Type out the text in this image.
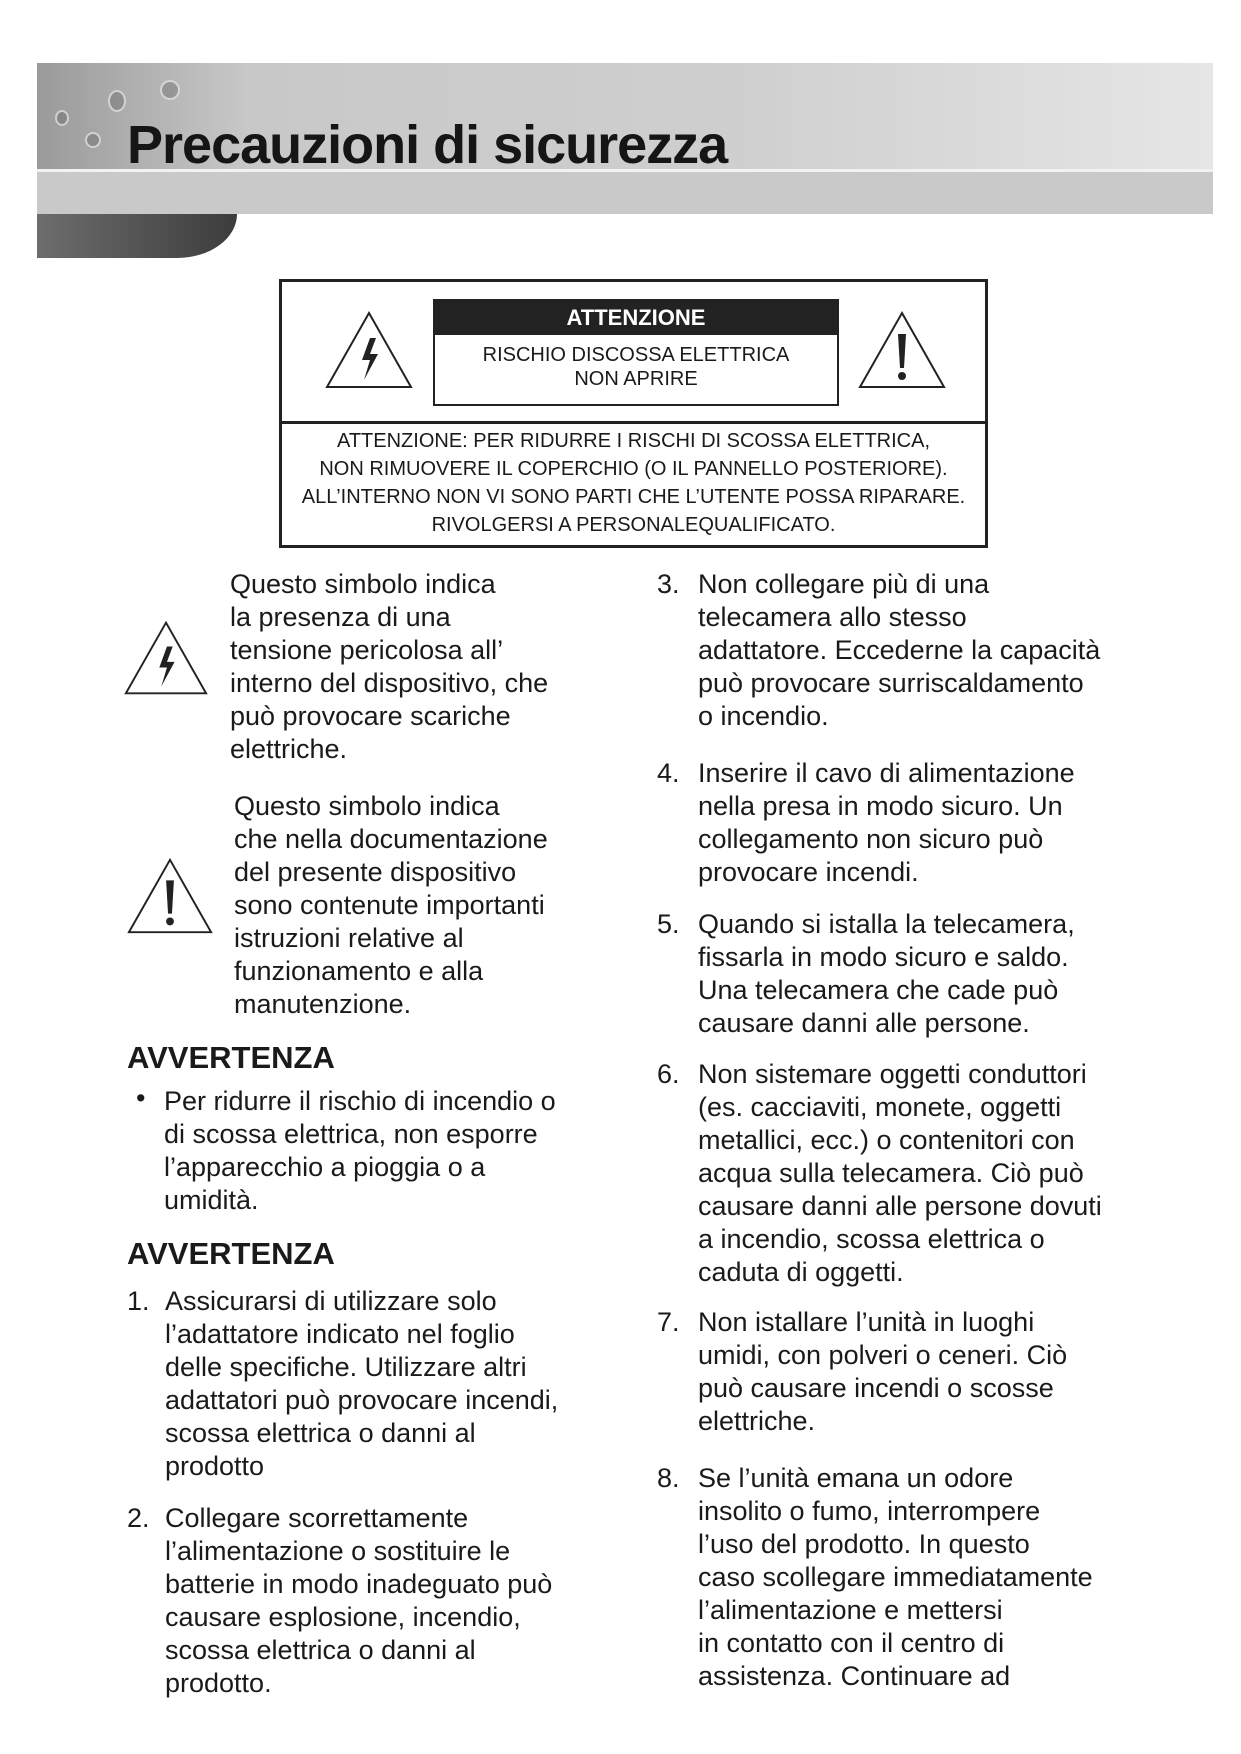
Precauzioni di sicurezza
ATTENZIONE
RISCHIO DISCOSSA ELETTRICA
NON APRIRE
ATTENZIONE: PER RIDURRE I RISCHI DI SCOSSA ELETTRICA,
NON RIMUOVERE IL COPERCHIO (O IL PANNELLO POSTERIORE).
ALL’INTERNO NON VI SONO PARTI CHE L’UTENTE POSSA RIPARARE.
RIVOLGERSI A PERSONALEQUALIFICATO.
Questo simbolo indica
la presenza di una
tensione pericolosa all’
interno del dispositivo, che
può provocare scariche
elettriche.
Questo simbolo indica
che nella documentazione
del presente dispositivo
sono contenute importanti
istruzioni relative al
funzionamento e alla
manutenzione.
AVVERTENZA
• Per ridurre il rischio di incendio o
di scossa elettrica, non esporre
l’apparecchio a pioggia o a
umidità.
AVVERTENZA
1. Assicurarsi di utilizzare solo
l’adattatore indicato nel foglio
delle specifiche. Utilizzare altri
adattatori può provocare incendi,
scossa elettrica o danni al
prodotto
2. Collegare scorrettamente
l’alimentazione o sostituire le
batterie in modo inadeguato può
causare esplosione, incendio,
scossa elettrica o danni al
prodotto.
3. Non collegare più di una
telecamera allo stesso
adattatore. Eccederne la capacità
può provocare surriscaldamento
o incendio.
4. Inserire il cavo di alimentazione
nella presa in modo sicuro. Un
collegamento non sicuro può
provocare incendi.
5. Quando si istalla la telecamera,
fissarla in modo sicuro e saldo.
Una telecamera che cade può
causare danni alle persone.
6. Non sistemare oggetti conduttori
(es. cacciaviti, monete, oggetti
metallici, ecc.) o contenitori con
acqua sulla telecamera. Ciò può
causare danni alle persone dovuti
a incendio, scossa elettrica o
caduta di oggetti.
7. Non istallare l’unità in luoghi
umidi, con polveri o ceneri. Ciò
può causare incendi o scosse
elettriche.
8. Se l’unità emana un odore
insolito o fumo, interrompere
l’uso del prodotto. In questo
caso scollegare immediatamente
l’alimentazione e mettersi
in contatto con il centro di
assistenza. Continuare ad
